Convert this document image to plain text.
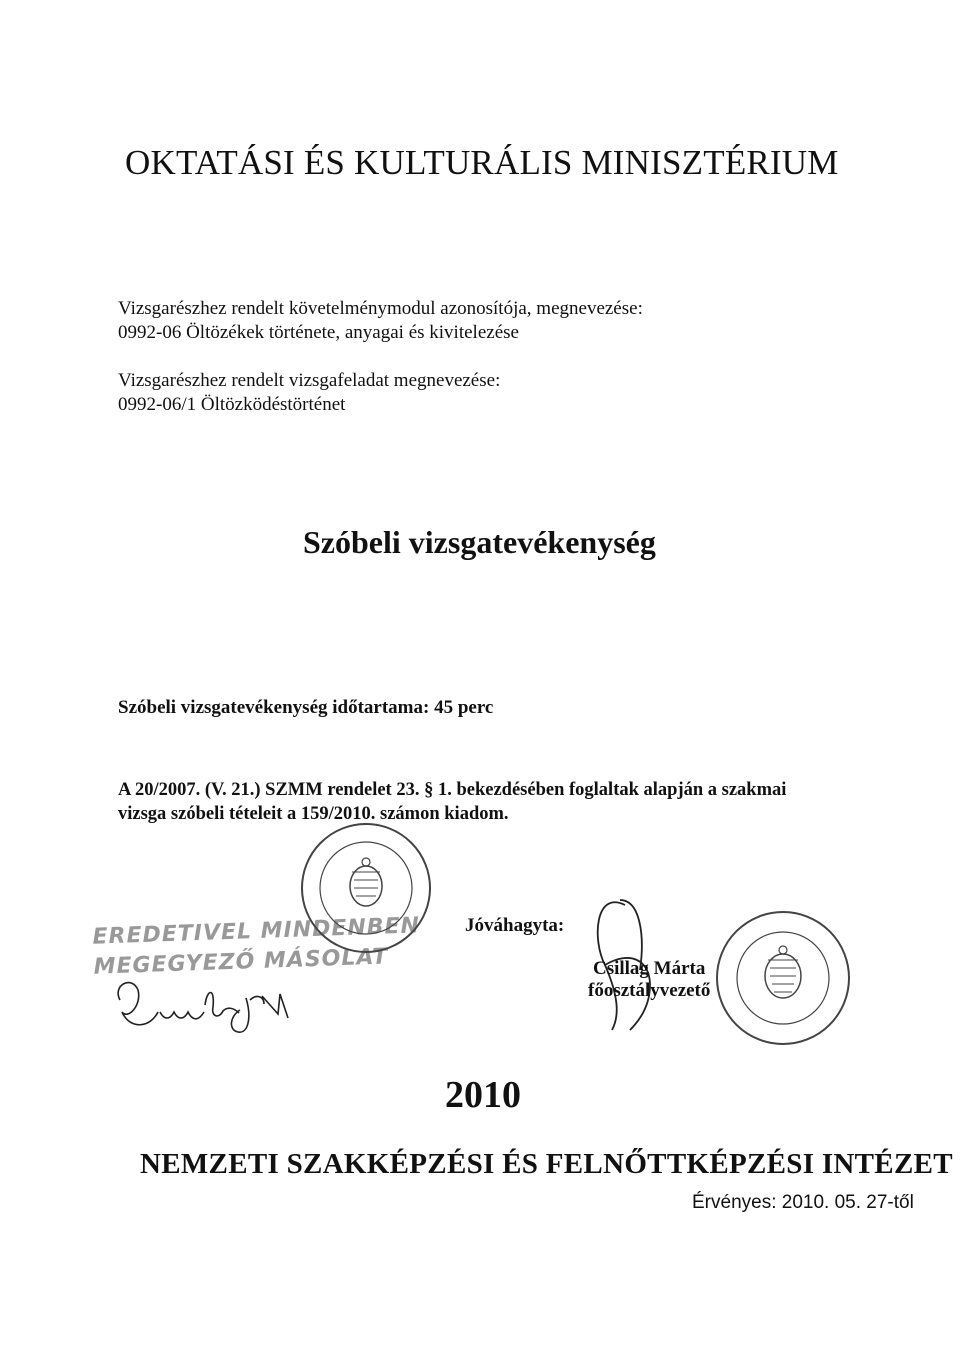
OKTATÁSI ÉS KULTURÁLIS MINISZTÉRIUM
Vizsgarészhez rendelt követelménymodul azonosítója, megnevezése:
0992-06 Öltözékek története, anyagai és kivitelezése
Vizsgarészhez rendelt vizsgafeladat megnevezése:
0992-06/1 Öltözködéstörténet
Szóbeli vizsgatevékenység
Szóbeli vizsgatevékenység időtartama: 45 perc
A 20/2007. (V. 21.) SZMM rendelet 23. § 1. bekezdésében foglaltak alapján a szakmai
vizsga szóbeli tételeit a 159/2010. számon kiadom.
EREDETIVEL MINDENBEN
MEGEGYEZŐ MÁSOLAT
Jóváhagyta:
Csillag Márta
főosztályvezető
2010
NEMZETI SZAKKÉPZÉSI ÉS FELNŐTTKÉPZÉSI INTÉZET
Érvényes: 2010. 05. 27-től
